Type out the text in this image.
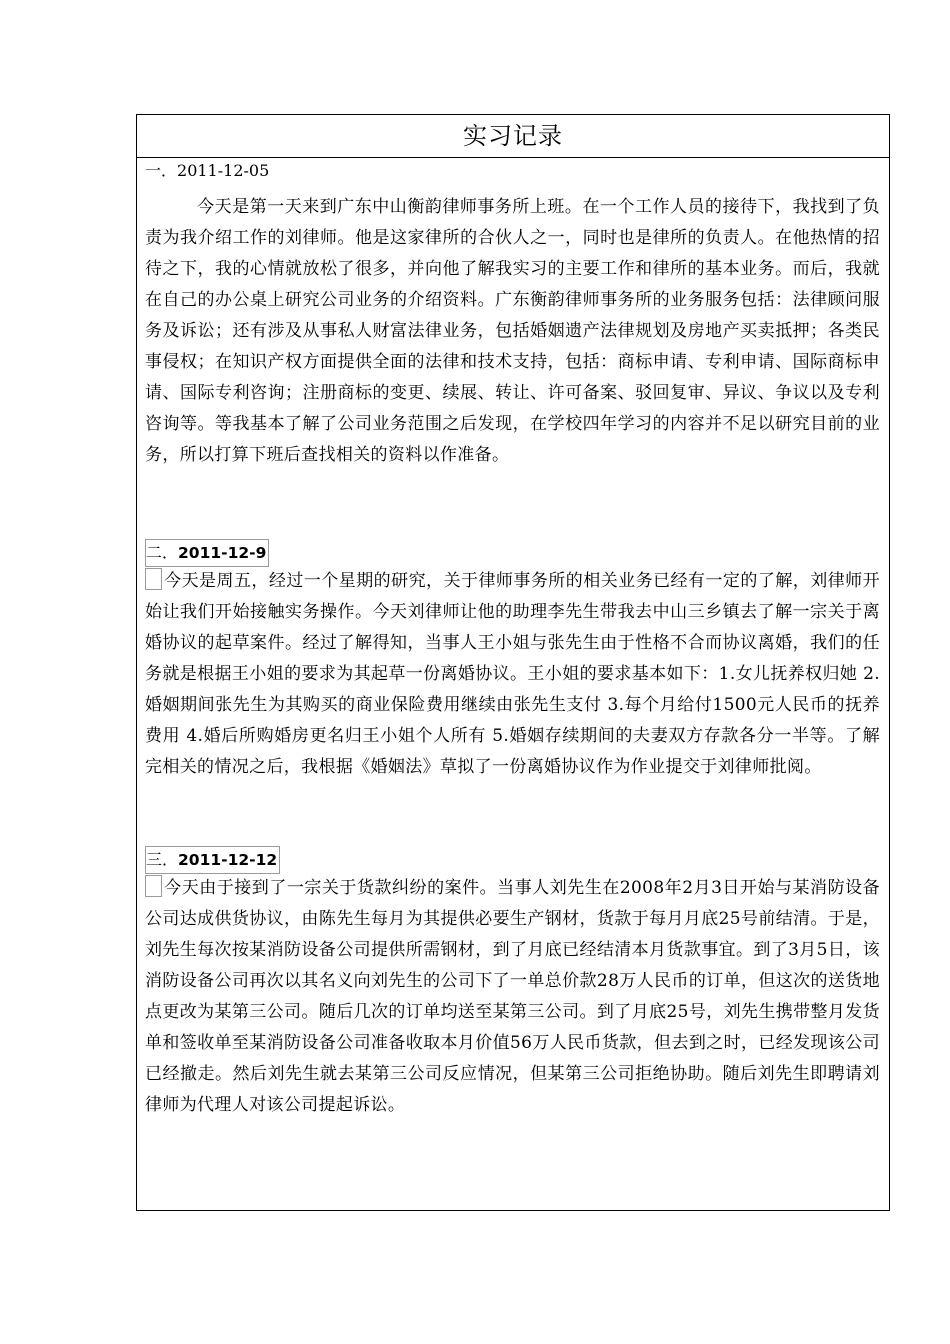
实习记录
一．2011-12-05
今天是第一天来到广东中山衡韵律师事务所上班。在一个工作人员的接待下，我找到了负责为我介绍工作的刘律师。他是这家律所的合伙人之一，同时也是律所的负责人。在他热情的招待之下，我的心情就放松了很多，并向他了解我实习的主要工作和律所的基本业务。而后，我就在自己的办公桌上研究公司业务的介绍资料。广东衡韵律师事务所的业务服务包括：法律顾问服务及诉讼；还有涉及从事私人财富法律业务，包括婚姻遗产法律规划及房地产买卖抵押；各类民事侵权；在知识产权方面提供全面的法律和技术支持，包括：商标申请、专利申请、国际商标申请、国际专利咨询；注册商标的变更、续展、转让、许可备案、驳回复审、异议、争议以及专利咨询等。等我基本了解了公司业务范围之后发现，在学校四年学习的内容并不足以研究目前的业务，所以打算下班后查找相关的资料以作准备。
二．2011-12-9
今天是周五，经过一个星期的研究，关于律师事务所的相关业务已经有一定的了解，刘律师开始让我们开始接触实务操作。今天刘律师让他的助理李先生带我去中山三乡镇去了解一宗关于离婚协议的起草案件。经过了解得知，当事人王小姐与张先生由于性格不合而协议离婚，我们的任务就是根据王小姐的要求为其起草一份离婚协议。王小姐的要求基本如下：1.女儿抚养权归她 2.婚姻期间张先生为其购买的商业保险费用继续由张先生支付 3.每个月给付1500元人民币的抚养费用 4.婚后所购婚房更名归王小姐个人所有 5.婚姻存续期间的夫妻双方存款各分一半等。了解完相关的情况之后，我根据《婚姻法》草拟了一份离婚协议作为作业提交于刘律师批阅。
三．2011-12-12
今天由于接到了一宗关于货款纠纷的案件。当事人刘先生在2008年2月3日开始与某消防设备公司达成供货协议，由陈先生每月为其提供必要生产钢材，货款于每月月底25号前结清。于是，刘先生每次按某消防设备公司提供所需钢材，到了月底已经结清本月货款事宜。到了3月5日，该消防设备公司再次以其名义向刘先生的公司下了一单总价款28万人民币的订单，但这次的送货地点更改为某第三公司。随后几次的订单均送至某第三公司。到了月底25号，刘先生携带整月发货单和签收单至某消防设备公司准备收取本月价值56万人民币货款，但去到之时，已经发现该公司已经撤走。然后刘先生就去某第三公司反应情况，但某第三公司拒绝协助。随后刘先生即聘请刘律师为代理人对该公司提起诉讼。
